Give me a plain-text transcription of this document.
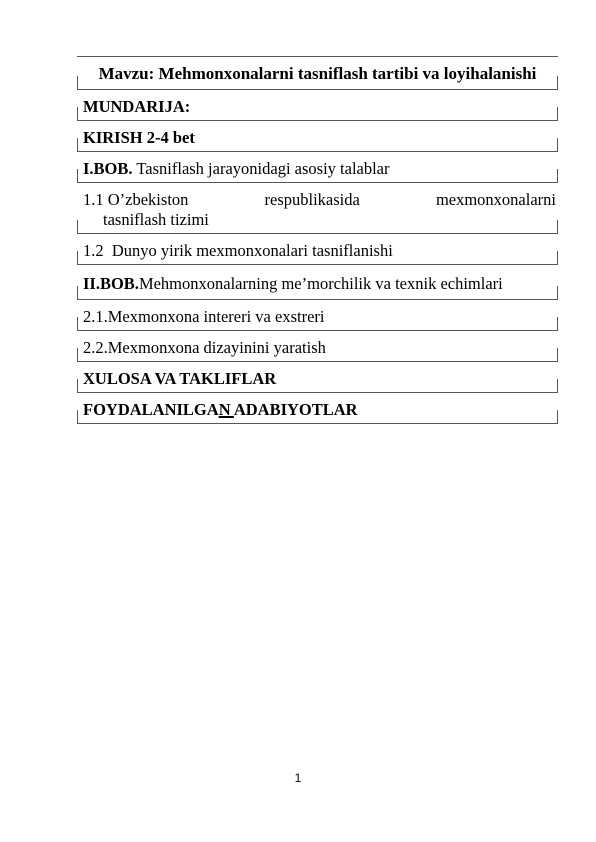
Mavzu: Mehmonxonalarni tasniflash tartibi va loyihalanishi
MUNDARIJA:
KIRISH 2-4 bet
I.BOB. Tasniflash jarayonidagi asosiy talablar
1.1 O’zbekiston	respublikasida	mexmonxonalarni
tasniflash tizimi
1.2  Dunyo yirik mexmonxonalari tasniflanishi
II.BOB.Mehmonxonalarning me’morchilik va texnik echimlari
2.1.Mexmonxona intereri va exstreri
2.2.Mexmonxona dizayinini yaratish
XULOSA VA TAKLIFLAR
FOYDALANILGAN ADABIYOTLAR
1
